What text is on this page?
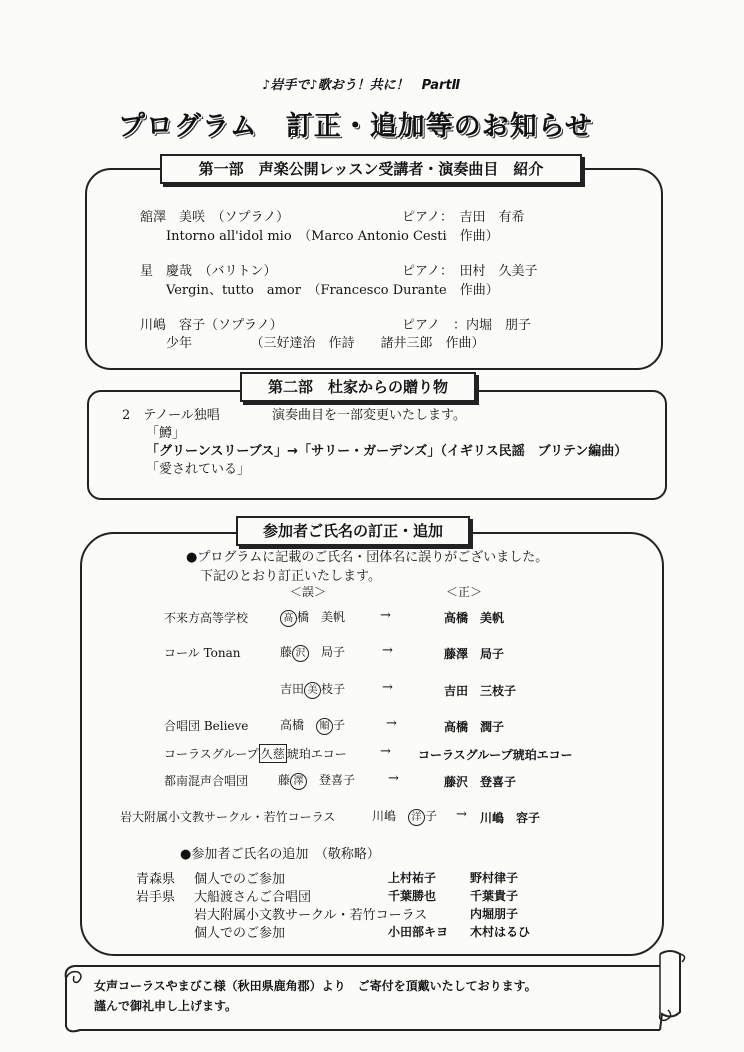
♪岩手で♪歌おう！共に！　PartⅡ
プログラム　訂正・追加等のお知らせ
第一部　声楽公開レッスン受講者・演奏曲目　紹介
舘澤　美咲　（ソプラノ）	ピアノ：　吉田　有希
Intorno all'idol mio　（Marco Antonio Cesti　作曲）
星　慶哉　（バリトン）	ピアノ：　田村　久美子
Vergin、tutto　amor　（Francesco Durante　作曲）
川嶋　容子（ソプラノ）	ピアノ　：内堀　朋子
少年　　　　　（三好達治　作詩　　諸井三郎　作曲）
第二部　杜家からの贈り物
2　テノール独唱	演奏曲目を一部変更いたします。
「鱒」
「グリーンスリーブス」→「サリー・ガーデンズ」（イギリス民謡　ブリテン編曲）
「愛されている」
参加者ご氏名の訂正・追加
●プログラムに記載のご氏名・団体名に誤りがございました。
下記のとおり訂正いたします。
＜誤＞	＜正＞
不来方高等学校	髙 橋　美帆	→	高橋　美帆
コール Tonan	藤 沢　局子	→	藤澤　局子
吉田 美 枝子	→	吉田　三枝子
合唱団 Believe	高橋　順 子	→	高橋　潤子
コーラスグループ 久慈 琥珀エコー	→ コーラスグループ琥珀エコー
都南混声合唱団 藤 澤　登喜子	→	藤沢　登喜子
岩大附属小文教サークル・若竹コーラス	川嶋　洋 子 → 川嶋　容子
●参加者ご氏名の追加　（敬称略）
青森県 個人でのご参加	上村祐子	野村律子
岩手県 大船渡さんご合唱団	千葉勝也	千葉貴子
岩大附属小文教サークル・若竹コーラス	内堀朋子
個人でのご参加	小田部キヨ 木村はるひ
女声コーラスやまびこ様（秋田県鹿角郡）より　ご寄付を頂戴いたしております。
謹んで御礼申し上げます。
